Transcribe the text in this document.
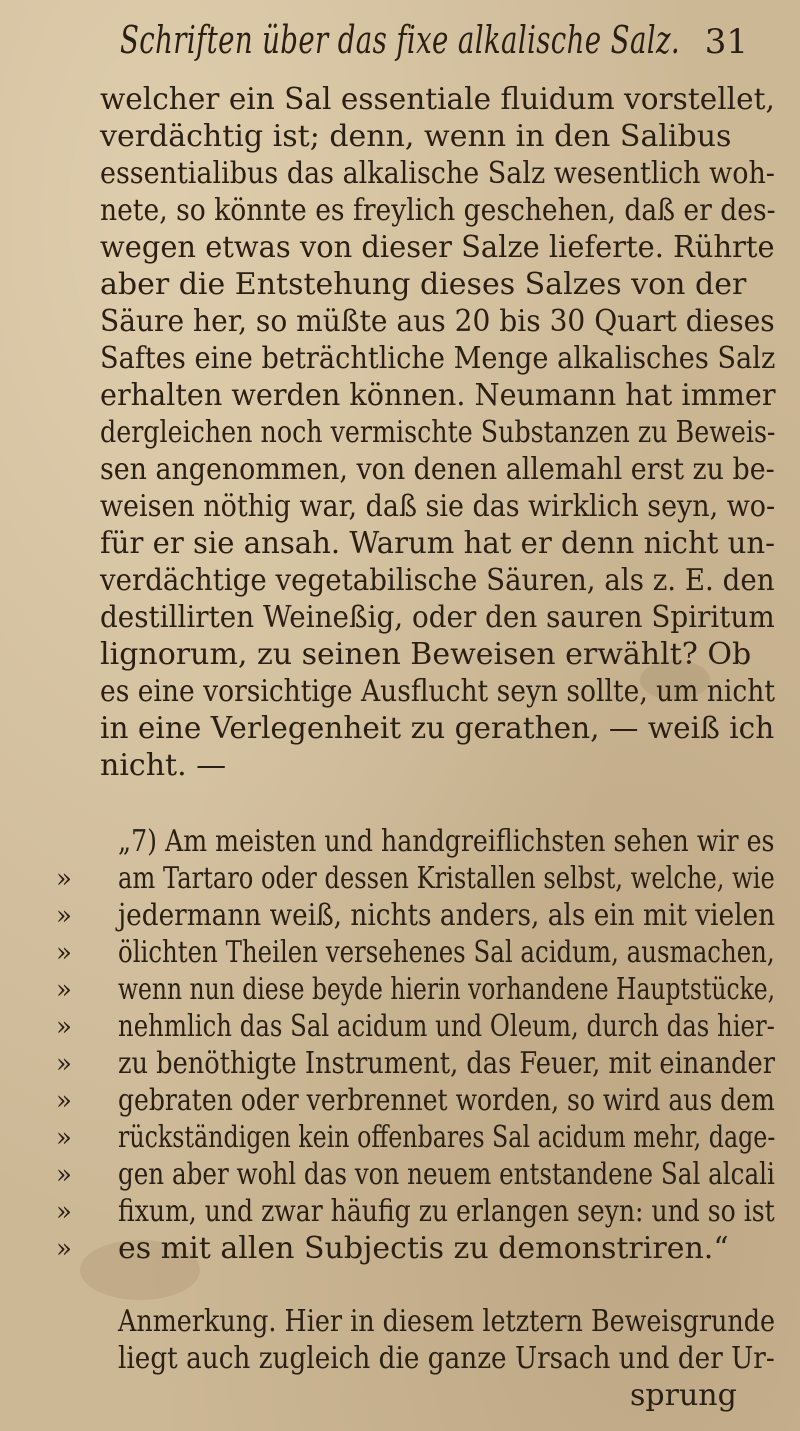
Schriften über das fixe alkalische Salz. 31
welcher ein Sal essentiale fluidum vorstellet,
verdächtig ist; denn, wenn in den Salibus
essentialibus das alkalische Salz wesentlich woh-
nete, so könnte es freylich geschehen, daß er des-
wegen etwas von dieser Salze lieferte. Rührte
aber die Entstehung dieses Salzes von der
Säure her, so müßte aus 20 bis 30 Quart dieses
Saftes eine beträchtliche Menge alkalisches Salz
erhalten werden können. Neumann hat immer
dergleichen noch vermischte Substanzen zu Beweis-
sen angenommen, von denen allemahl erst zu be-
weisen nöthig war, daß sie das wirklich seyn, wo-
für er sie ansah. Warum hat er denn nicht un-
verdächtige vegetabilische Säuren, als z. E. den
destillirten Weineßig, oder den sauren Spiritum
lignorum, zu seinen Beweisen erwählt? Ob
es eine vorsichtige Ausflucht seyn sollte, um nicht
in eine Verlegenheit zu gerathen, — weiß ich
nicht. —
„7) Am meisten und handgreiflichsten sehen wir es
» am Tartaro oder dessen Kristallen selbst, welche, wie
» jedermann weiß, nichts anders, als ein mit vielen
» ölichten Theilen versehenes Sal acidum, ausmachen,
» wenn nun diese beyde hierin vorhandene Hauptstücke,
» nehmlich das Sal acidum und Oleum, durch das hier-
» zu benöthigte Instrument, das Feuer, mit einander
» gebraten oder verbrennet worden, so wird aus dem
» rückständigen kein offenbares Sal acidum mehr, dage-
» gen aber wohl das von neuem entstandene Sal alcali
» fixum, und zwar häufig zu erlangen seyn: und so ist
» es mit allen Subjectis zu demonstriren.“
Anmerkung. Hier in diesem letztern Beweisgrunde
liegt auch zugleich die ganze Ursach und der Ur-
sprung
